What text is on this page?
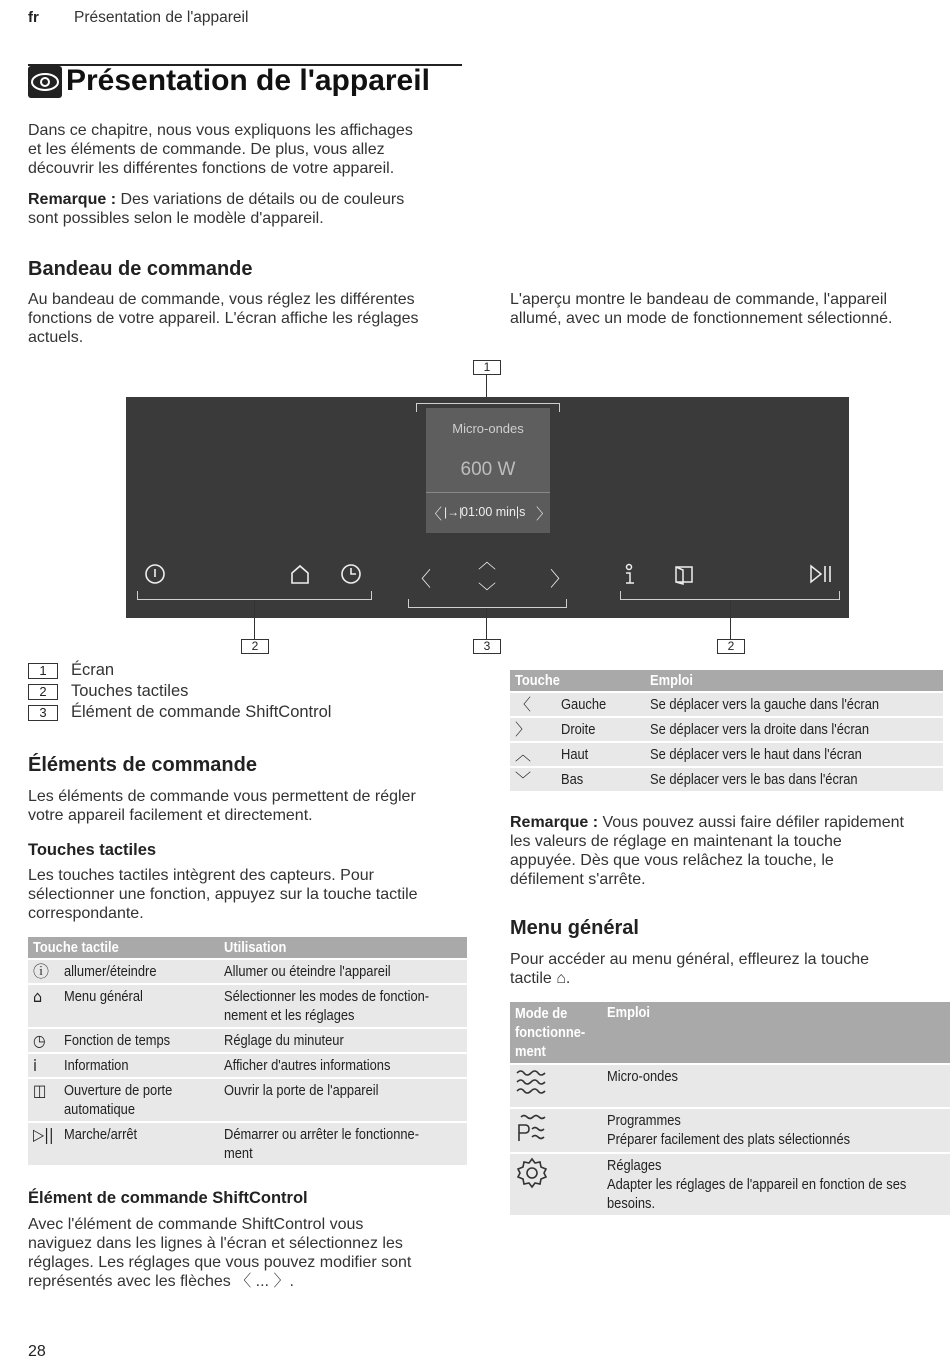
fr Présentation de l'appareil
Présentation de l'appareil
Dans ce chapitre, nous vous expliquons les affichages
et les éléments de commande. De plus, vous allez
découvrir les différentes fonctions de votre appareil.
Remarque : Des variations de détails ou de couleurs
sont possibles selon le modèle d'appareil.
Bandeau de commande
Au bandeau de commande, vous réglez les différentes
fonctions de votre appareil. L'écran affiche les réglages
actuels.
L'aperçu montre le bandeau de commande, l'appareil
allumé, avec un mode de fonctionnement sélectionné.
1
Micro-ondes
600 W
〈 |→|
01:00 min|s 〉
〈
︿
﹀
〉
2	3	2
1	Écran
2	Touches tactiles
3	Élément de commande ShiftControl
Éléments de commande
Les éléments de commande vous permettent de régler
votre appareil facilement et directement.
Touches tactiles
Les touches tactiles intègrent des capteurs. Pour
sélectionner une fonction, appuyez sur la touche tactile
correspondante.
Touche tactile		Utilisation
ⓘ	allumer/éteindre	Allumer ou éteindre l'appareil
⌂	Menu général	Sélectionner les modes de fonction-
nement et les réglages
◷	Fonction de temps	Réglage du minuteur
i	Information	Afficher d'autres informations
◫	Ouverture de porte automatique	Ouvrir la porte de l'appareil
▷||	Marche/arrêt	Démarrer ou arrêter le fonctionne-
ment
Élément de commande ShiftControl
Avec l'élément de commande ShiftControl vous
naviguez dans les lignes à l'écran et sélectionnez les
réglages. Les réglages que vous pouvez modifier sont
représentés avec les flèches 〈 ... 〉.
Touche		Emploi
〈	Gauche	Se déplacer vers la gauche dans l'écran
〉	Droite	Se déplacer vers la droite dans l'écran
︿	Haut	Se déplacer vers le haut dans l'écran
﹀	Bas	Se déplacer vers le bas dans l'écran
Remarque : Vous pouvez aussi faire défiler rapidement
les valeurs de réglage en maintenant la touche
appuyée. Dès que vous relâchez la touche, le
défilement s'arrête.
Menu général
Pour accéder au menu général, effleurez la touche
tactile ⌂.
Mode de
fonctionne-
ment	Emploi
	Micro-ondes
	Programmes
Préparer facilement des plats sélectionnés
	Réglages
Adapter les réglages de l'appareil en fonction de ses
besoins.
28
